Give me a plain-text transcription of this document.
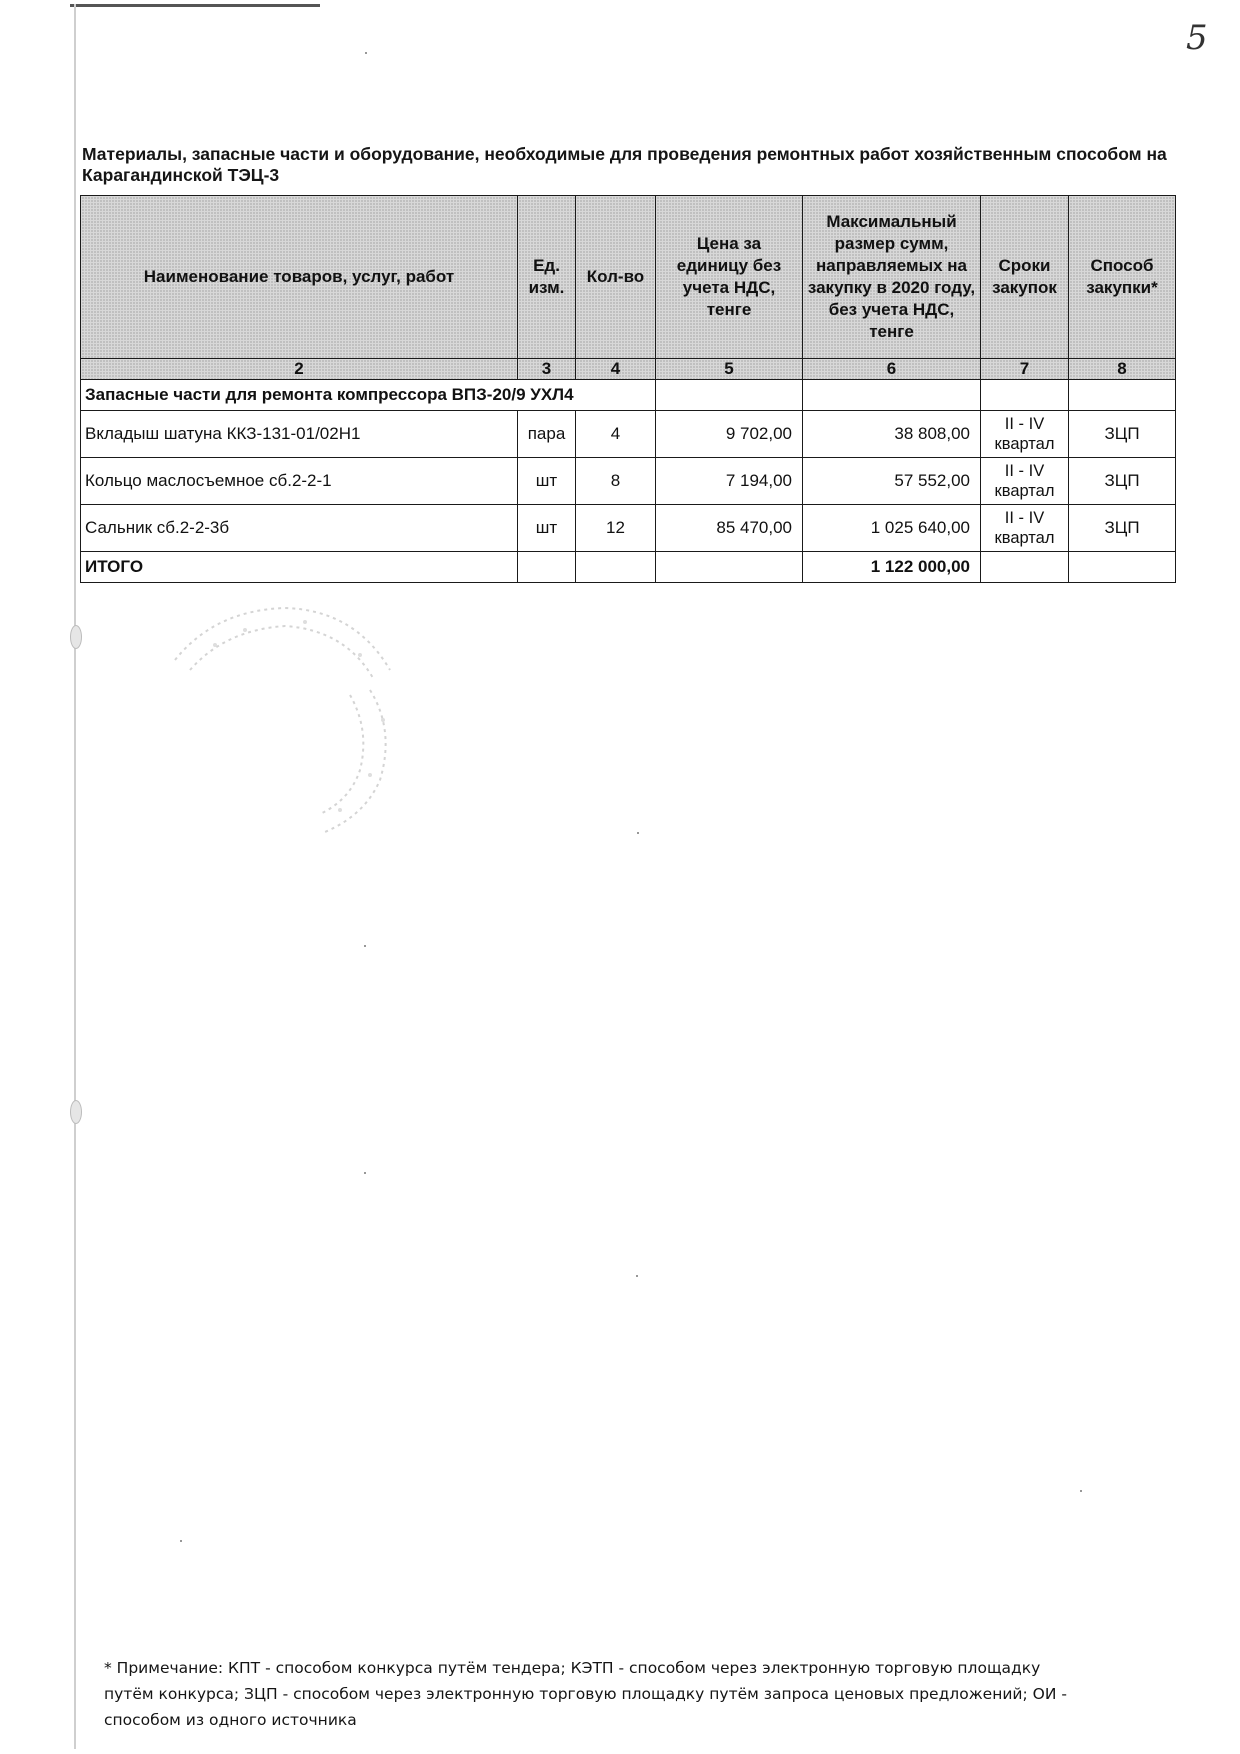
5
Материалы, запасные части и оборудование, необходимые для проведения ремонтных работ хозяйственным способом на Карагандинской ТЭЦ-3
Наименование товаров, услуг, работ	Ед. изм.	Кол-во	Цена за единицу без учета НДС, тенге	Максимальный размер сумм, направляемых на закупку в 2020 году, без учета НДС, тенге	Сроки закупок	Способ закупки*
2	3	4	5	6	7	8
Запасные части для ремонта компрессора ВПЗ-20/9 УХЛ4						
Вкладыш шатуна ККЗ-131-01/02Н1	пара	4	9 702,00	38 808,00	II - IV квартал	ЗЦП
Кольцо маслосъемное сб.2-2-1	шт	8	7 194,00	57 552,00	II - IV квартал	ЗЦП
Сальник сб.2-2-3б	шт	12	85 470,00	1 025 640,00	II - IV квартал	ЗЦП
ИТОГО				1 122 000,00		
* Примечание: КПТ - способом конкурса путём тендера; КЭТП - способом через электронную торговую площадку путём конкурса; ЗЦП - способом через электронную торговую площадку путём запроса ценовых предложений; ОИ - способом из одного источника
